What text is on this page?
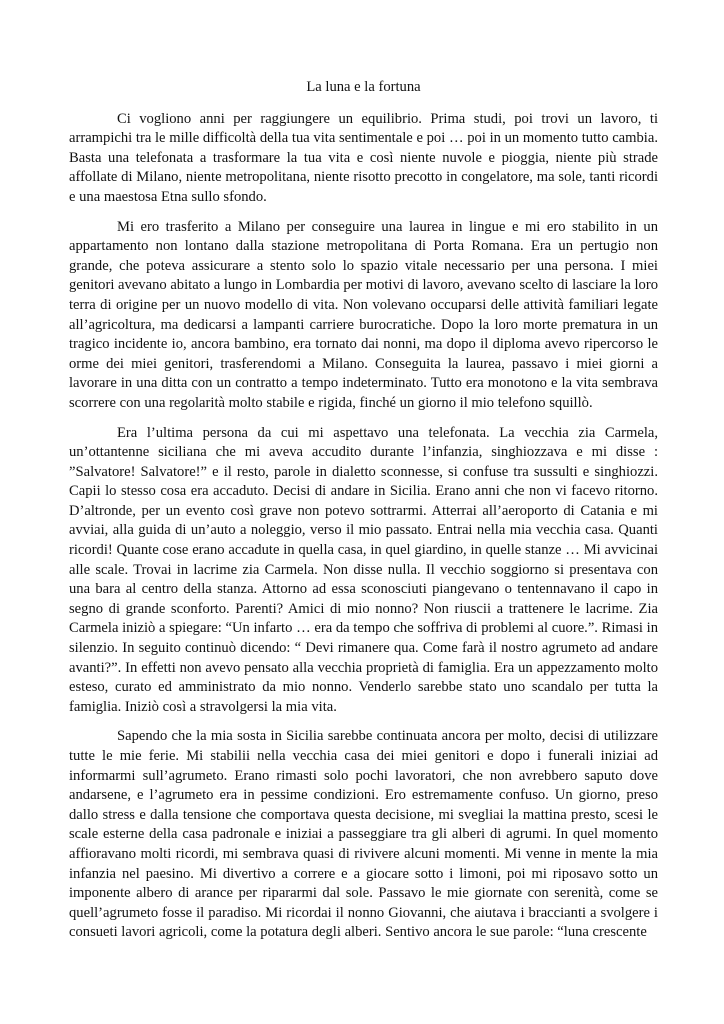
La luna e la fortuna

Ci vogliono anni per raggiungere un equilibrio. Prima studi, poi trovi un lavoro, ti arrampichi tra le mille difficoltà della tua vita sentimentale e poi … poi in un momento tutto cambia. Basta una telefonata a trasformare la tua vita e così niente nuvole e pioggia, niente più strade affollate di Milano, niente metropolitana, niente risotto precotto in congelatore, ma sole, tanti ricordi e una maestosa Etna sullo sfondo.

Mi ero trasferito a Milano per conseguire una laurea in lingue e mi ero stabilito in un appartamento non lontano dalla stazione metropolitana di Porta Romana. Era un pertugio non grande, che poteva assicurare a stento solo lo spazio vitale necessario per una persona. I miei genitori avevano abitato a lungo in Lombardia per motivi di lavoro, avevano scelto di lasciare la loro terra di origine per un nuovo modello di vita. Non volevano occuparsi delle attività familiari legate all’agricoltura, ma dedicarsi a lampanti carriere burocratiche. Dopo la loro morte prematura in un tragico incidente io, ancora bambino, era tornato dai nonni, ma dopo il diploma avevo ripercorso le orme dei miei genitori, trasferendomi a Milano. Conseguita la laurea, passavo i miei giorni a lavorare in una ditta con un contratto a tempo indeterminato. Tutto era monotono e la vita sembrava scorrere con una regolarità molto stabile e rigida, finché un giorno il mio telefono squillò.

Era l’ultima persona da cui mi aspettavo una telefonata. La vecchia zia Carmela, un’ottantenne siciliana che mi aveva accudito durante l’infanzia, singhiozzava e mi disse : ”Salvatore! Salvatore!” e il resto, parole in dialetto sconnesse, si confuse tra sussulti e singhiozzi. Capii lo stesso cosa era accaduto. Decisi di andare in Sicilia. Erano anni che non vi facevo ritorno. D’altronde, per un evento così grave non potevo sottrarmi. Atterrai all’aeroporto di Catania e mi avviai, alla guida di un’auto a noleggio, verso il mio passato. Entrai nella mia vecchia casa. Quanti ricordi! Quante cose erano accadute in quella casa, in quel giardino, in quelle stanze … Mi avvicinai alle scale. Trovai in lacrime zia Carmela. Non disse nulla. Il vecchio soggiorno si presentava con una bara al centro della stanza. Attorno ad essa sconosciuti piangevano o tentennavano il capo in segno di grande sconforto. Parenti? Amici di mio nonno? Non riuscii a trattenere le lacrime. Zia Carmela iniziò a spiegare: “Un infarto … era da tempo che soffriva di problemi al cuore.”. Rimasi in silenzio. In seguito continuò dicendo: “ Devi rimanere qua. Come farà il nostro agrumeto ad andare avanti?”. In effetti non avevo pensato alla vecchia proprietà di famiglia. Era un appezzamento molto esteso, curato ed amministrato da mio nonno. Venderlo sarebbe stato uno scandalo per tutta la famiglia. Iniziò così a stravolgersi la mia vita.

Sapendo che la mia sosta in Sicilia sarebbe continuata ancora per molto, decisi di utilizzare tutte le mie ferie. Mi stabilii nella vecchia casa dei miei genitori e dopo i funerali iniziai ad informarmi sull’agrumeto. Erano rimasti solo pochi lavoratori, che non avrebbero saputo dove andarsene, e l’agrumeto era in pessime condizioni. Ero estremamente confuso. Un giorno, preso dallo stress e dalla tensione che comportava questa decisione, mi svegliai la mattina presto, scesi le scale esterne della casa padronale e iniziai a passeggiare tra gli alberi di agrumi. In quel momento affioravano molti ricordi, mi sembrava quasi di rivivere alcuni momenti. Mi venne in mente la mia infanzia nel paesino. Mi divertivo a correre e a giocare sotto i limoni, poi mi riposavo sotto un imponente albero di arance per ripararmi dal sole. Passavo le mie giornate con serenità, come se quell’agrumeto fosse il paradiso. Mi ricordai il nonno Giovanni, che aiutava i braccianti a svolgere i consueti lavori agricoli, come la potatura degli alberi. Sentivo ancora le sue parole: “luna crescente
